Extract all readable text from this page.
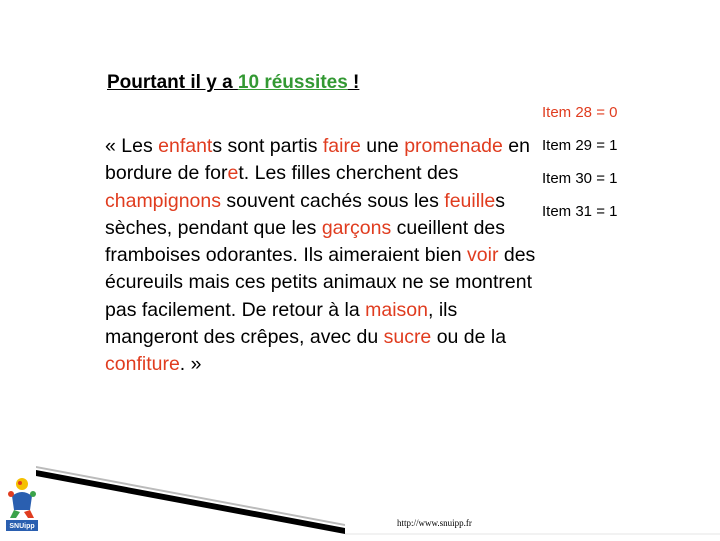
Pourtant il y a 10 réussites !
Item 28 = 0
Item 29 = 1
Item 30 = 1
Item 31 = 1
« Les enfants sont partis faire une promenade en bordure de foret. Les filles cherchent des champignons souvent cachés sous les feuilles sèches, pendant que les garçons cueillent des framboises odorantes. Ils aimeraient bien voir des écureuils mais ces petits animaux ne se montrent pas facilement. De retour à la maison, ils mangeront des crêpes, avec du sucre ou de la confiture. »
SNUipp	http://www.snuipp.fr
